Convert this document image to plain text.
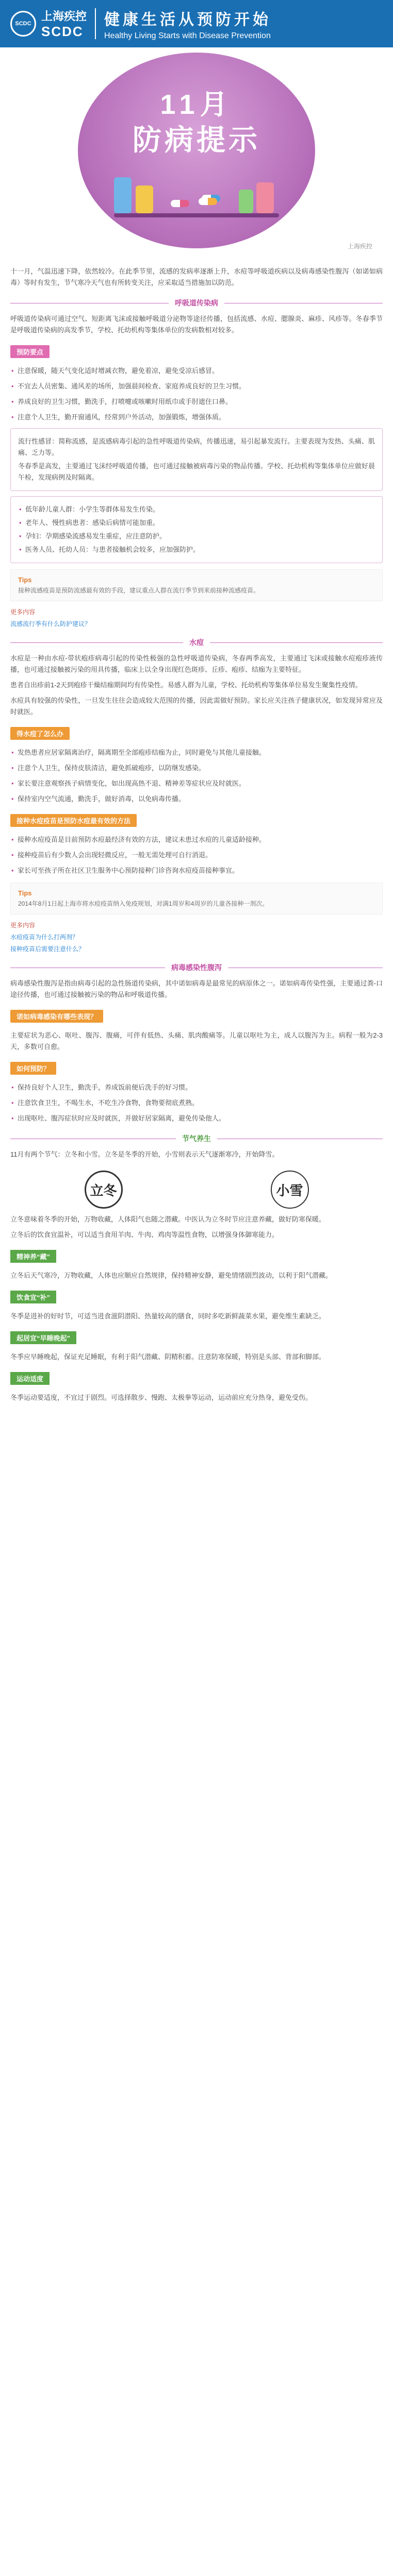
SCDC
上海疾控
SCDC
健康生活从预防开始
Healthy Living Starts with Disease Prevention
11月
防病提示
上海疾控

十一月，气温迅速下降，依然较冷。在此季节里，流感的发病率逐渐上升，水痘等呼吸道疾病以及病毒感染性腹泻（如诺如病毒）等时有发生，节气寒冷天气也有所转变关注，应采取适当措施加以防范。

呼吸道传染病

呼吸道传染病可通过空气、短距离飞沫或接触呼吸道分泌物等途径传播，包括流感、水痘、腮腺炎、麻疹、风疹等。冬春季节是呼吸道传染病的高发季节，学校、托幼机构等集体单位的发病数相对较多。

预防要点

• 注意保暖，随天气变化适时增减衣物，避免着凉，避免受凉后感冒。

• 不宜去人员密集、通风差的场所，加强晨间检查、家庭养成良好的卫生习惯。

• 养成良好的卫生习惯，勤洗手，打喷嚏或咳嗽时用纸巾或手肘遮住口鼻。

• 注意个人卫生，勤开窗通风，经常到户外活动，加强锻炼，增强体质。

流行性感冒：简称流感，是流感病毒引起的急性呼吸道传染病，传播迅速，易引起暴发流行。主要表现为发热、头痛、肌痛、乏力等。

冬春季是高发，主要通过飞沫经呼吸道传播，也可通过接触被病毒污染的物品传播。学校、托幼机构等集体单位应做好晨午检，发现病例及时隔离。

• 低年龄儿童人群：小学生等群体易发生传染。

• 老年人、慢性病患者：感染后病情可能加重。

• 孕妇：孕期感染流感易发生重症，应注意防护。

• 医务人员、托幼人员：与患者接触机会较多，应加强防护。

Tips
接种流感疫苗是预防流感最有效的手段，建议重点人群在流行季节到来前接种流感疫苗。
更多内容
流感流行季有什么防护建议？
水痘

水痘是一种由水痘-带状疱疹病毒引起的传染性极强的急性呼吸道传染病，冬春两季高发，主要通过飞沫或接触水痘疱疹液传播，也可通过接触被污染的用具传播，临床上以全身出现红色斑疹、丘疹、疱疹、结痂为主要特征。

患者自出疹前1-2天到疱疹干燥结痂期间均有传染性。易感人群为儿童，学校、托幼机构等集体单位易发生聚集性疫情。

水痘具有较强的传染性，一旦发生往往会造成较大范围的传播，因此需做好预防。家长应关注孩子健康状况，如发现异常应及时就医。

得水痘了怎么办

• 发热患者应居家隔离治疗，隔离期至全部疱疹结痂为止，同时避免与其他儿童接触。

• 注意个人卫生，保持皮肤清洁，避免抓破疱疹，以防继发感染。

• 家长要注意观察孩子病情变化，如出现高热不退、精神差等症状应及时就医。

• 保持室内空气流通，勤洗手，做好消毒，以免病毒传播。

接种水痘疫苗是预防水痘最有效的方法

• 接种水痘疫苗是目前预防水痘最经济有效的方法，建议未患过水痘的儿童适龄接种。

• 接种疫苗后有少数人会出现轻微反应，一般无需处理可自行消退。

• 家长可至孩子所在社区卫生服务中心预防接种门诊咨询水痘疫苗接种事宜。

Tips
2014年8月1日起上海市将水痘疫苗纳入免疫规划，对满1周岁和4周岁的儿童各接种一剂次。
更多内容
水痘疫苗为什么打两剂？
接种疫苗后需要注意什么？
病毒感染性腹泻

病毒感染性腹泻是指由病毒引起的急性肠道传染病，其中诺如病毒是最常见的病原体之一。诺如病毒传染性强，主要通过粪-口途径传播，也可通过接触被污染的物品和呼吸道传播。

诺如病毒感染有哪些表现？

主要症状为恶心、呕吐、腹泻、腹痛，可伴有低热、头痛、肌肉酸痛等。儿童以呕吐为主，成人以腹泻为主。病程一般为2-3天，多数可自愈。

如何预防？

• 保持良好个人卫生，勤洗手，养成饭前便后洗手的好习惯。

• 注意饮食卫生，不喝生水，不吃生冷食物，食物要彻底煮熟。

• 出现呕吐、腹泻症状时应及时就医，并做好居家隔离，避免传染他人。

节气养生

11月有两个节气：立冬和小雪。立冬是冬季的开始，小雪则表示天气逐渐寒冷，开始降雪。

立冬	小雪

立冬意味着冬季的开始，万物收藏，人体阳气也随之潜藏。中医认为立冬时节应注意养藏，做好防寒保暖。

立冬后的饮食宜温补，可以适当食用羊肉、牛肉、鸡肉等温性食物，以增强身体御寒能力。

精神养“藏”

立冬后天气寒冷，万物收藏，人体也应顺应自然规律，保持精神安静，避免情绪剧烈波动，以利于阳气潜藏。

饮食宜“补”

冬季是进补的好时节，可适当进食滋阴潜阳、热量较高的膳食，同时多吃新鲜蔬菜水果，避免维生素缺乏。

起居宜“早睡晚起”

冬季应早睡晚起，保证充足睡眠，有利于阳气潜藏、阴精积蓄。注意防寒保暖，特别是头部、背部和脚部。

运动适度

冬季运动要适度，不宜过于剧烈。可选择散步、慢跑、太极拳等运动，运动前应充分热身，避免受伤。
